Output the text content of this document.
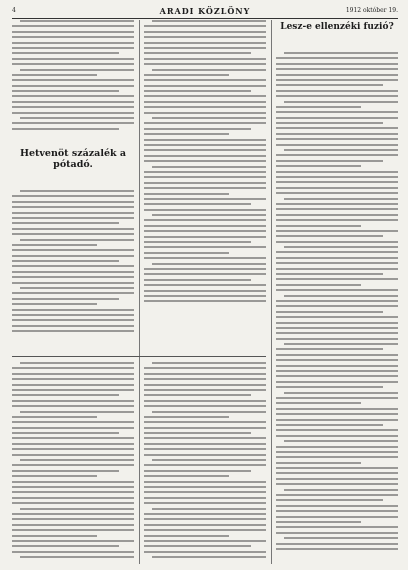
4	ARADI KÖZLÖNY	1912 október 19.
Hetvenöt százalék a pótadó.
Lesz-e ellenzéki fuzió?
